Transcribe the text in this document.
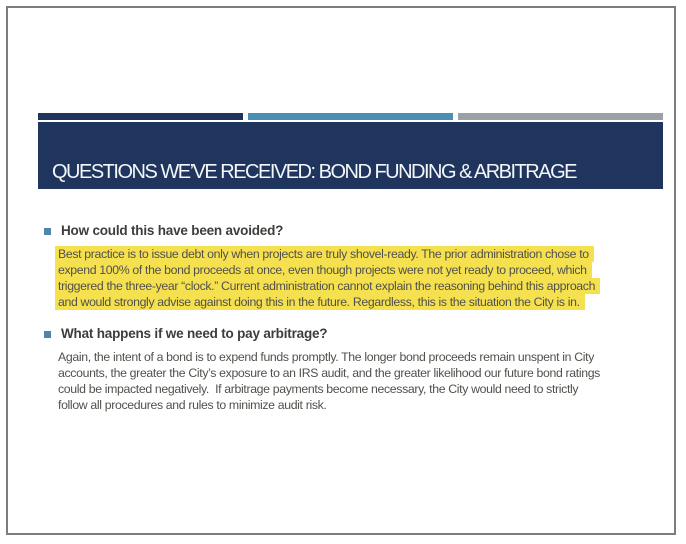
QUESTIONS WE’VE RECEIVED: BOND FUNDING & ARBITRAGE
How could this have been avoided?
Best practice is to issue debt only when projects are truly shovel-ready. The prior administration chose to
expend 100% of the bond proceeds at once, even though projects were not yet ready to proceed, which
triggered the three-year “clock.” Current administration cannot explain the reasoning behind this approach
and would strongly advise against doing this in the future. Regardless, this is the situation the City is in.
What happens if we need to pay arbitrage?
Again, the intent of a bond is to expend funds promptly. The longer bond proceeds remain unspent in City
accounts, the greater the City’s exposure to an IRS audit, and the greater likelihood our future bond ratings
could be impacted negatively.  If arbitrage payments become necessary, the City would need to strictly
follow all procedures and rules to minimize audit risk.
